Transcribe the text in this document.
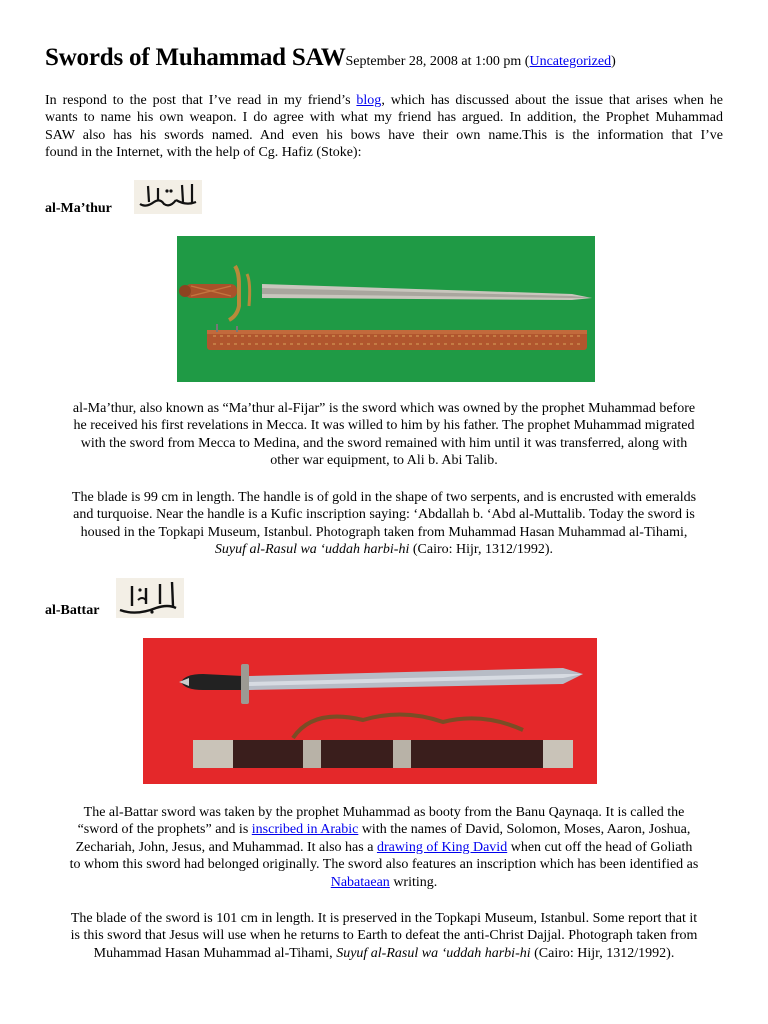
Swords of Muhammad SAWSeptember 28, 2008 at 1:00 pm (Uncategorized)
In respond to the post that I’ve read in my friend’s blog, which has discussed about the issue that arises when he
wants to name his own weapon. I do agree with what my friend has argued. In addition, the Prophet Muhammad
SAW also has his swords named. And even his bows have their own name.This is the information that I’ve
found in the Internet, with the help of Cg. Hafiz (Stoke):
al-Ma’thur
al-Ma’thur, also known as “Ma’thur al-Fijar” is the sword which was owned by the prophet Muhammad before
he received his first revelations in Mecca. It was willed to him by his father. The prophet Muhammad migrated
with the sword from Mecca to Medina, and the sword remained with him until it was transferred, along with
other war equipment, to Ali b. Abi Talib.
The blade is 99 cm in length. The handle is of gold in the shape of two serpents, and is encrusted with emeralds
and turquoise. Near the handle is a Kufic inscription saying: ‘Abdallah b. ‘Abd al-Muttalib. Today the sword is
housed in the Topkapi Museum, Istanbul. Photograph taken from Muhammad Hasan Muhammad al-Tihami,
Suyuf al-Rasul wa ‘uddah harbi-hi (Cairo: Hijr, 1312/1992).
al-Battar
The al-Battar sword was taken by the prophet Muhammad as booty from the Banu Qaynaqa. It is called the
“sword of the prophets” and is inscribed in Arabic with the names of David, Solomon, Moses, Aaron, Joshua,
Zechariah, John, Jesus, and Muhammad. It also has a drawing of King David when cut off the head of Goliath
to whom this sword had belonged originally. The sword also features an inscription which has been identified as
Nabataean writing.
The blade of the sword is 101 cm in length. It is preserved in the Topkapi Museum, Istanbul. Some report that it
is this sword that Jesus will use when he returns to Earth to defeat the anti-Christ Dajjal. Photograph taken from
Muhammad Hasan Muhammad al-Tihami, Suyuf al-Rasul wa ‘uddah harbi-hi (Cairo: Hijr, 1312/1992).
